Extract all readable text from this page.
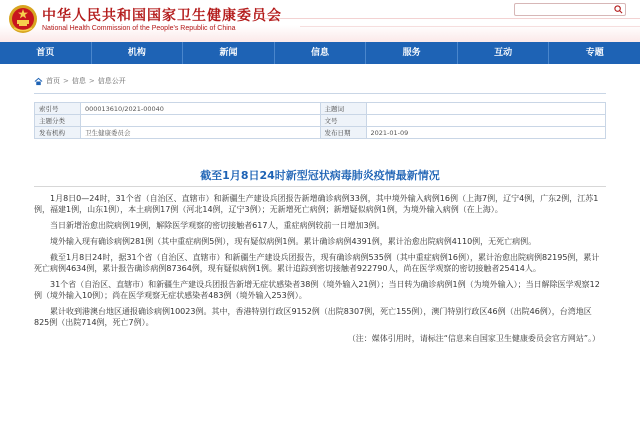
中华人民共和国国家卫生健康委员会
National Health Commission of the People's Republic of China
首页	机构	新闻	信息	服务	互动	专题
首页 > 信息 > 信息公开
索引号	000013610/2021-00040	主题词	
主题分类		文号	
发布机构	卫生健康委员会	发布日期	2021-01-09
截至1月8日24时新型冠状病毒肺炎疫情最新情况

1月8日0—24时，31个省（自治区、直辖市）和新疆生产建设兵团报告新增确诊病例33例，其中境外输入病例16例（上海7例，辽宁4例，广东2例，江苏1例，福建1例，山东1例），本土病例17例（河北14例，辽宁3例）；无新增死亡病例；新增疑似病例1例，为境外输入病例（在上海）。

当日新增治愈出院病例19例，解除医学观察的密切接触者617人，重症病例较前一日增加3例。

境外输入现有确诊病例281例（其中重症病例5例），现有疑似病例1例。累计确诊病例4391例，累计治愈出院病例4110例，无死亡病例。

截至1月8日24时，据31个省（自治区、直辖市）和新疆生产建设兵团报告，现有确诊病例535例（其中重症病例16例），累计治愈出院病例82195例，累计死亡病例4634例，累计报告确诊病例87364例，现有疑似病例1例。累计追踪到密切接触者922790人，尚在医学观察的密切接触者25414人。

31个省（自治区、直辖市）和新疆生产建设兵团报告新增无症状感染者38例（境外输入21例）；当日转为确诊病例1例（为境外输入）；当日解除医学观察12例（境外输入10例）；尚在医学观察无症状感染者483例（境外输入253例）。

累计收到港澳台地区通报确诊病例10023例。其中，香港特别行政区9152例（出院8307例，死亡155例），澳门特别行政区46例（出院46例），台湾地区825例（出院714例，死亡7例）。

（注：媒体引用时，请标注“信息来自国家卫生健康委员会官方网站”。）
